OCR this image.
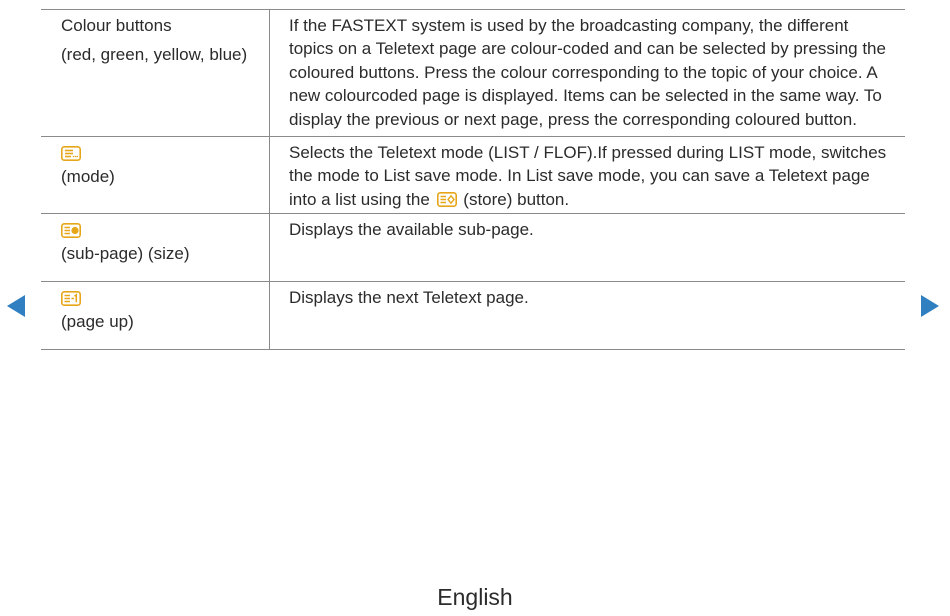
Colour buttons
(red, green, yellow, blue)	If the FASTEXT system is used by the broadcasting company, the different topics on a Teletext page are colour-coded and can be selected by pressing the coloured buttons. Press the colour corresponding to the topic of your choice. A new colourcoded page is displayed. Items can be selected in the same way. To display the previous or next page, press the corresponding coloured button.

(mode)	Selects the Teletext mode (LIST / FLOF).If pressed during LIST mode, switches the mode to List save mode. In List save mode, you can save a Teletext page into a list using the (store) button.

(sub-page) (size)	Displays the available sub-page.

(page up)	Displays the next Teletext page.
English
